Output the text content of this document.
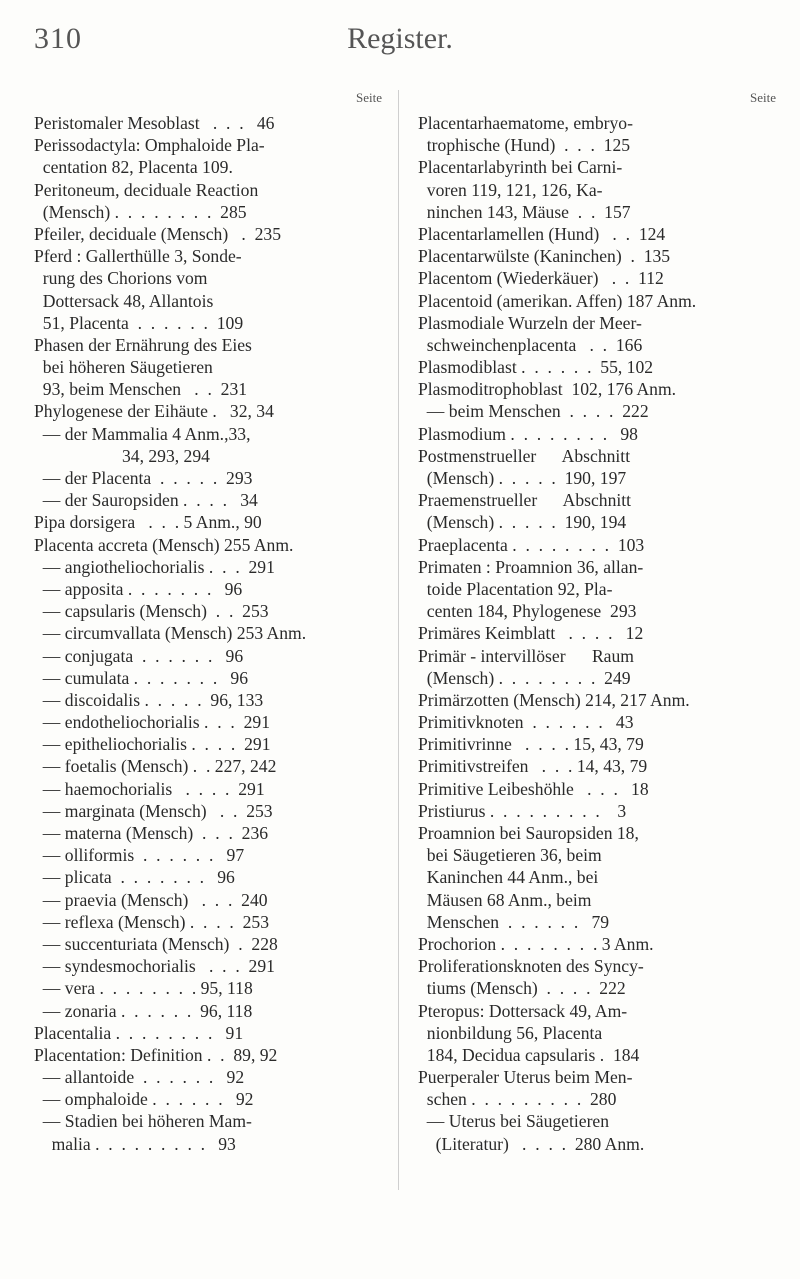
310	Register.
Seite
Peristomaler Mesoblast   .  .  .   46
Perissodactyla: Omphaloide Pla-
centation 82, Placenta 109.
Peritoneum, deciduale Reaction
(Mensch) .  .  .  .  .  .  .  .  285
Pfeiler, deciduale (Mensch)   .  235
Pferd : Gallerthülle 3, Sonde-
rung des Chorions vom
Dottersack 48, Allantois
51, Placenta  .  .  .  .  .  .  109
Phasen der Ernährung des Eies
bei höheren Säugetieren
93, beim Menschen   .  .  231
Phylogenese der Eihäute .   32, 34
— der Mammalia 4 Anm.,33,
34, 293, 294
— der Placenta  .  .  .  .  .  293
— der Sauropsiden .  .  .  .   34
Pipa dorsigera   .  .  . 5 Anm., 90
Placenta accreta (Mensch) 255 Anm.
— angiotheliochorialis .  .  .  291
— apposita .  .  .  .  .  .  .   96
— capsularis (Mensch)  .  .  253
— circumvallata (Mensch) 253 Anm.
— conjugata  .  .  .  .  .  .   96
— cumulata .  .  .  .  .  .  .   96
— discoidalis .  .  .  .  .  96, 133
— endotheliochorialis .  .  .  291
— epitheliochorialis .  .  .  .  291
— foetalis (Mensch) .  . 227, 242
— haemochorialis   .  .  .  .  291
— marginata (Mensch)   .  .  253
— materna (Mensch)  .  .  .  236
— olliformis  .  .  .  .  .  .   97
— plicata  .  .  .  .  .  .  .   96
— praevia (Mensch)   .  .  .  240
— reflexa (Mensch) .  .  .  .  253
— succenturiata (Mensch)  .  228
— syndesmochorialis   .  .  .  291
— vera .  .  .  .  .  .  .  . 95, 118
— zonaria .  .  .  .  .  .  96, 118
Placentalia .  .  .  .  .  .  .  .   91
Placentation: Definition .  .  89, 92
— allantoide  .  .  .  .  .  .   92
— omphaloide .  .  .  .  .  .   92
— Stadien bei höheren Mam-
malia .  .  .  .  .  .  .  .  .   93
Seite
Placentarhaematome, embryo-
trophische (Hund)  .  .  .  125
Placentarlabyrinth bei Carni-
voren 119, 121, 126, Ka-
ninchen 143, Mäuse  .  .  157
Placentarlamellen (Hund)   .  .  124
Placentarwülste (Kaninchen)  .  135
Placentom (Wiederkäuer)   .  .  112
Placentoid (amerikan. Affen) 187 Anm.
Plasmodiale Wurzeln der Meer-
schweinchenplacenta   .  .  166
Plasmodiblast .  .  .  .  .  .  55, 102
Plasmoditrophoblast  102, 176 Anm.
— beim Menschen  .  .  .  .  222
Plasmodium .  .  .  .  .  .  .  .   98
Postmenstrueller      Abschnitt
(Mensch) .  .  .  .  .  190, 197
Praemenstrueller      Abschnitt
(Mensch) .  .  .  .  .  190, 194
Praeplacenta .  .  .  .  .  .  .  .  103
Primaten : Proamnion 36, allan-
toide Placentation 92, Pla-
centen 184, Phylogenese  293
Primäres Keimblatt   .  .  .  .   12
Primär - intervillöser      Raum
(Mensch) .  .  .  .  .  .  .  .  249
Primärzotten (Mensch) 214, 217 Anm.
Primitivknoten  .  .  .  .  .  .   43
Primitivrinne   .  .  .  . 15, 43, 79
Primitivstreifen   .  .  . 14, 43, 79
Primitive Leibeshöhle   .  .  .   18
Pristiurus .  .  .  .  .  .  .  .  .    3
Proamnion bei Sauropsiden 18,
bei Säugetieren 36, beim
Kaninchen 44 Anm., bei
Mäusen 68 Anm., beim
Menschen  .  .  .  .  .  .   79
Prochorion .  .  .  .  .  .  .  . 3 Anm.
Proliferationsknoten des Syncy-
tiums (Mensch)  .  .  .  .  222
Pteropus: Dottersack 49, Am-
nionbildung 56, Placenta
184, Decidua capsularis .  184
Puerperaler Uterus beim Men-
schen .  .  .  .  .  .  .  .  .  280
— Uterus bei Säugetieren
(Literatur)   .  .  .  .  280 Anm.
